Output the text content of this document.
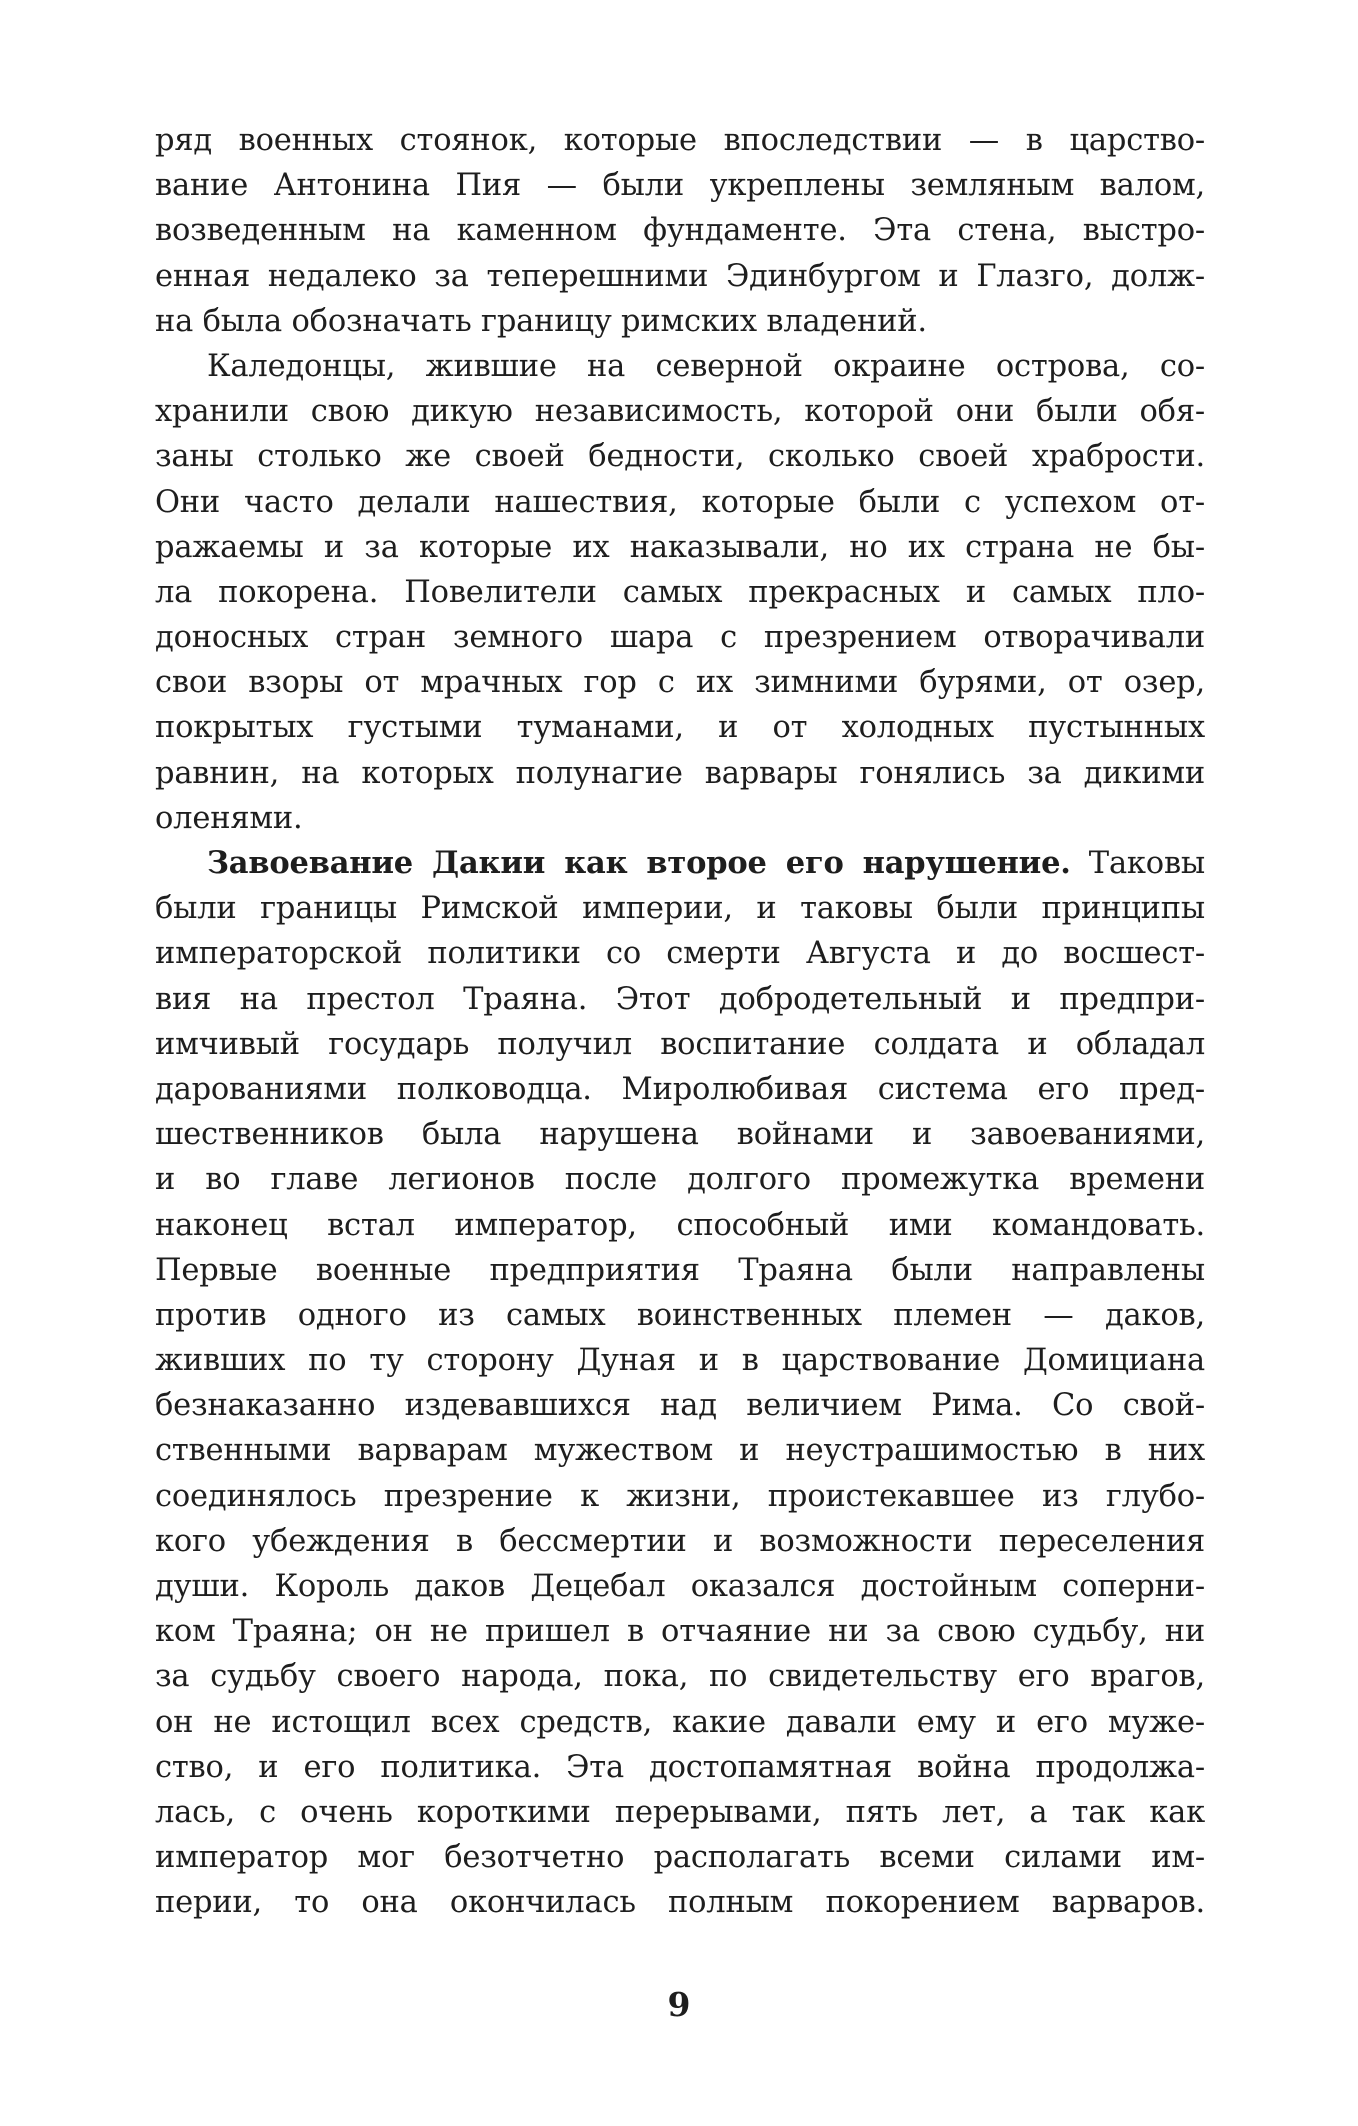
ряд военных стоянок, которые впоследствии — в царство-
вание Антонина Пия — были укреплены земляным валом,
возведенным на каменном фундаменте. Эта стена, выстро-
енная недалеко за теперешними Эдинбургом и Глазго, долж-
на была обозначать границу римских владений.
Каледонцы, жившие на северной окраине острова, со-
хранили свою дикую независимость, которой они были обя-
заны столько же своей бедности, сколько своей храбрости.
Они часто делали нашествия, которые были с успехом от-
ражаемы и за которые их наказывали, но их страна не бы-
ла покорена. Повелители самых прекрасных и самых пло-
доносных стран земного шара с презрением отворачивали
свои взоры от мрачных гор с их зимними бурями, от озер,
покрытых густыми туманами, и от холодных пустынных
равнин, на которых полунагие варвары гонялись за дикими
оленями.
Завоевание Дакии как второе его нарушение. Таковы
были границы Римской империи, и таковы были принципы
императорской политики со смерти Августа и до восшест-
вия на престол Траяна. Этот добродетельный и предпри-
имчивый государь получил воспитание солдата и обладал
дарованиями полководца. Миролюбивая система его пред-
шественников была нарушена войнами и завоеваниями,
и во главе легионов после долгого промежутка времени
наконец встал император, способный ими командовать.
Первые военные предприятия Траяна были направлены
против одного из самых воинственных племен — даков,
живших по ту сторону Дуная и в царствование Домициана
безнаказанно издевавшихся над величием Рима. Со свой-
ственными варварам мужеством и неустрашимостью в них
соединялось презрение к жизни, проистекавшее из глубо-
кого убеждения в бессмертии и возможности переселения
души. Король даков Децебал оказался достойным соперни-
ком Траяна; он не пришел в отчаяние ни за свою судьбу, ни
за судьбу своего народа, пока, по свидетельству его врагов,
он не истощил всех средств, какие давали ему и его муже-
ство, и его политика. Эта достопамятная война продолжа-
лась, с очень короткими перерывами, пять лет, а так как
император мог безотчетно располагать всеми силами им-
перии, то она окончилась полным покорением варваров.
9
